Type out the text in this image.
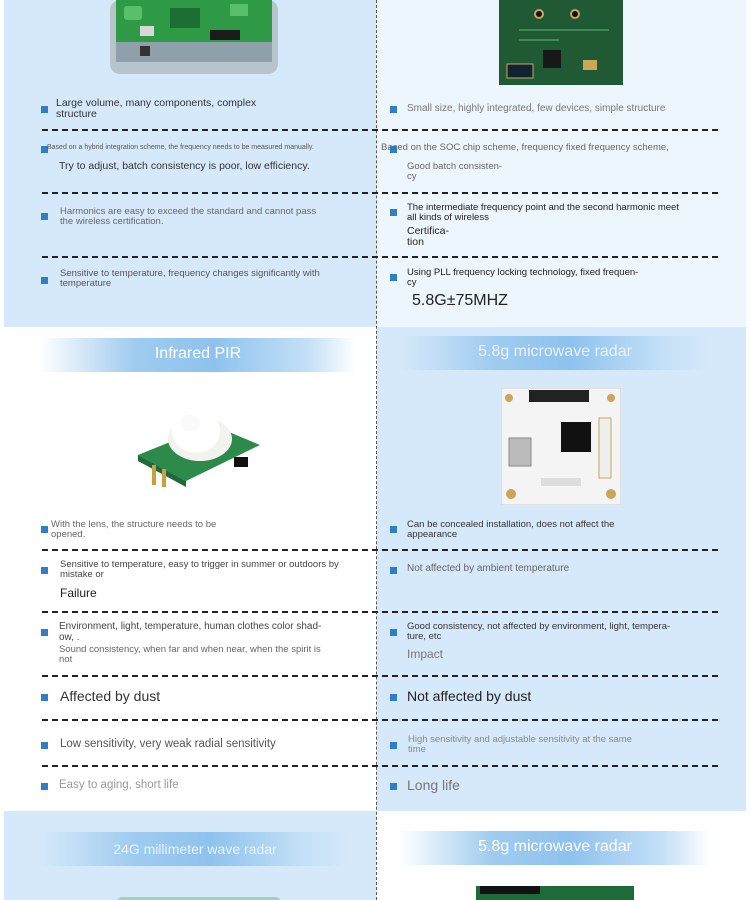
Large volume, many components, complex
structure
Based on a hybrid integration scheme, the frequency needs to be measured manually.
Try to adjust, batch consistency is poor, low efficiency.
Harmonics are easy to exceed the standard and cannot pass
the wireless certification.
Sensitive to temperature, frequency changes significantly with
temperature
Small size, highly integrated, few devices, simple structure
Based on the SOC chip scheme, frequency fixed frequency scheme,
Good batch consisten-
cy
The intermediate frequency point and the second harmonic meet
all kinds of wireless
Certifica-
tion
Using PLL frequency locking technology, fixed frequen-
cy
5.8G±75MHZ
Infrared PIR	5.8g microwave radar
With the lens, the structure needs to be
opened.
Sensitive to temperature, easy to trigger in summer or outdoors by
mistake or
Failure
Environment, light, temperature, human clothes color shad-
ow, .
Sound consistency, when far and when near, when the spirit is
not
Affected by dust
Low sensitivity, very weak radial sensitivity
Easy to aging, short life
Can be concealed installation, does not affect the
appearance
Not affected by ambient temperature
Good consistency, not affected by environment, light, tempera-
ture, etc
Impact
Not affected by dust
High sensitivity and adjustable sensitivity at the same
time
Long life
24G millimeter wave radar	5.8g microwave radar
